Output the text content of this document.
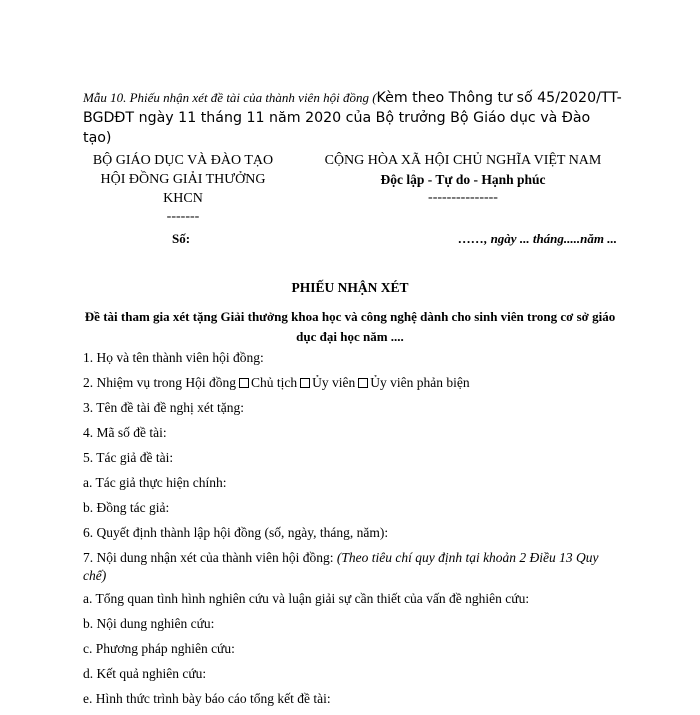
Mẫu 10. Phiếu nhận xét đề tài của thành viên hội đồng (Kèm theo Thông tư số 45/2020/TT-BGDĐT ngày 11 tháng 11 năm 2020 của Bộ trưởng Bộ Giáo dục và Đào tạo)
BỘ GIÁO DỤC VÀ ĐÀO TẠO
HỘI ĐỒNG GIẢI THƯỞNG KHCN
-------
CỘNG HÒA XÃ HỘI CHỦ NGHĨA VIỆT NAM
Độc lập - Tự do - Hạnh phúc
---------------
Số:	……, ngày ... tháng.....năm ...
PHIẾU NHẬN XÉT
Đề tài tham gia xét tặng Giải thưởng khoa học và công nghệ dành cho sinh viên trong cơ sở giáo dục đại học năm ....
1. Họ và tên thành viên hội đồng:
2. Nhiệm vụ trong Hội đồng Chủ tịch Ủy viên Ủy viên phản biện
3. Tên đề tài đề nghị xét tặng:
4. Mã số đề tài:
5. Tác giả đề tài:
a. Tác giả thực hiện chính:
b. Đồng tác giả:
6. Quyết định thành lập hội đồng (số, ngày, tháng, năm):
7. Nội dung nhận xét của thành viên hội đồng: (Theo tiêu chí quy định tại khoản 2 Điều 13 Quy chế)
a. Tổng quan tình hình nghiên cứu và luận giải sự cần thiết của vấn đề nghiên cứu:
b. Nội dung nghiên cứu:
c. Phương pháp nghiên cứu:
d. Kết quả nghiên cứu:
e. Hình thức trình bày báo cáo tổng kết đề tài:
